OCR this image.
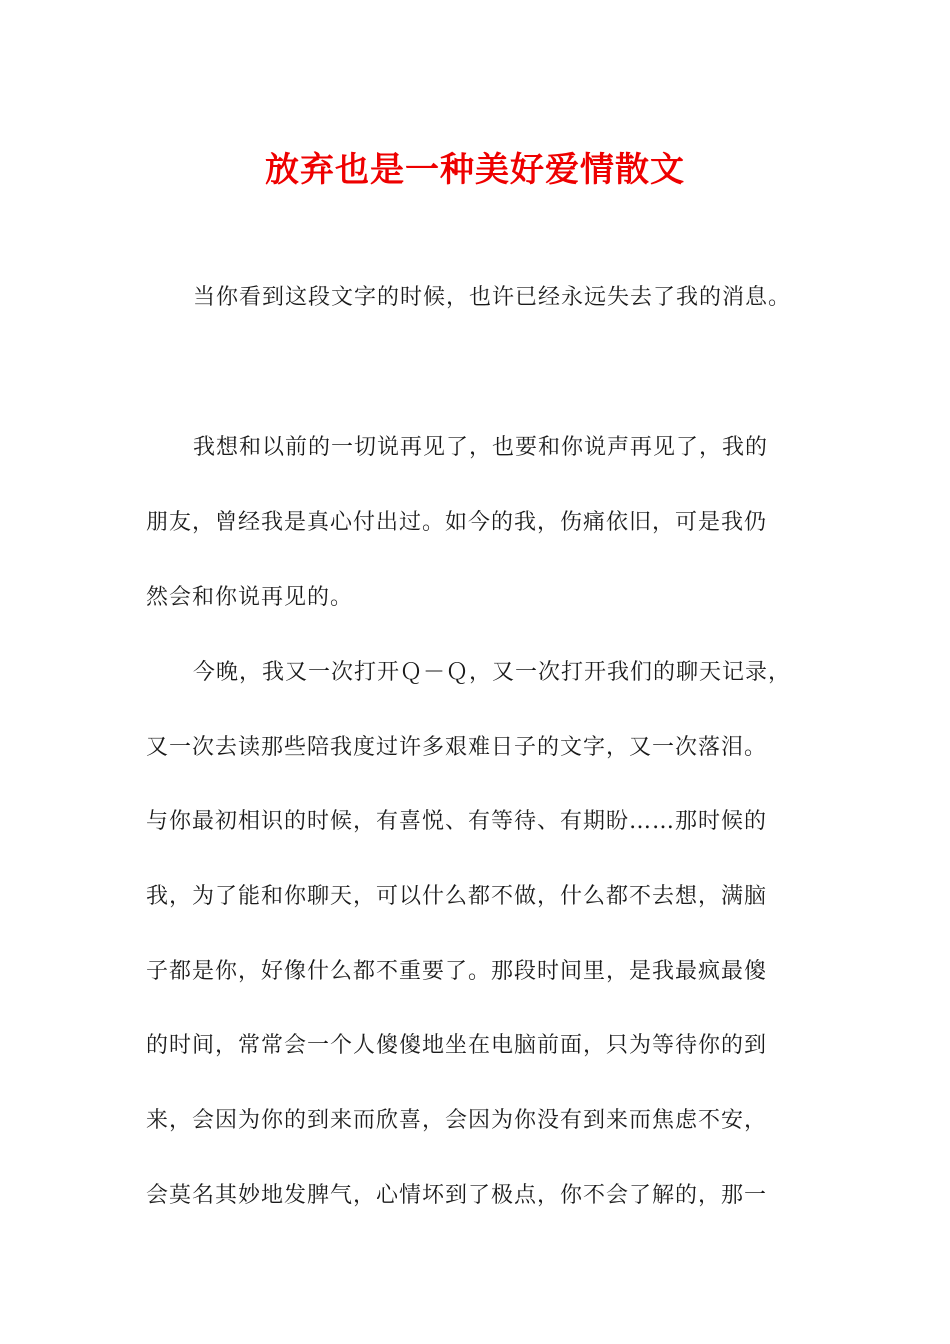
放弃也是一种美好爱情散文
当你看到这段文字的时候，也许已经永远失去了我的消息。
我想和以前的一切说再见了，也要和你说声再见了，我的
朋友，曾经我是真心付出过。如今的我，伤痛依旧，可是我仍
然会和你说再见的。
今晚，我又一次打开Ｑ－Ｑ，又一次打开我们的聊天记录，
又一次去读那些陪我度过许多艰难日子的文字，又一次落泪。
与你最初相识的时候，有喜悦、有等待、有期盼……那时候的
我，为了能和你聊天，可以什么都不做，什么都不去想，满脑
子都是你，好像什么都不重要了。那段时间里，是我最疯最傻
的时间，常常会一个人傻傻地坐在电脑前面，只为等待你的到
来，会因为你的到来而欣喜，会因为你没有到来而焦虑不安，
会莫名其妙地发脾气，心情坏到了极点，你不会了解的，那一
